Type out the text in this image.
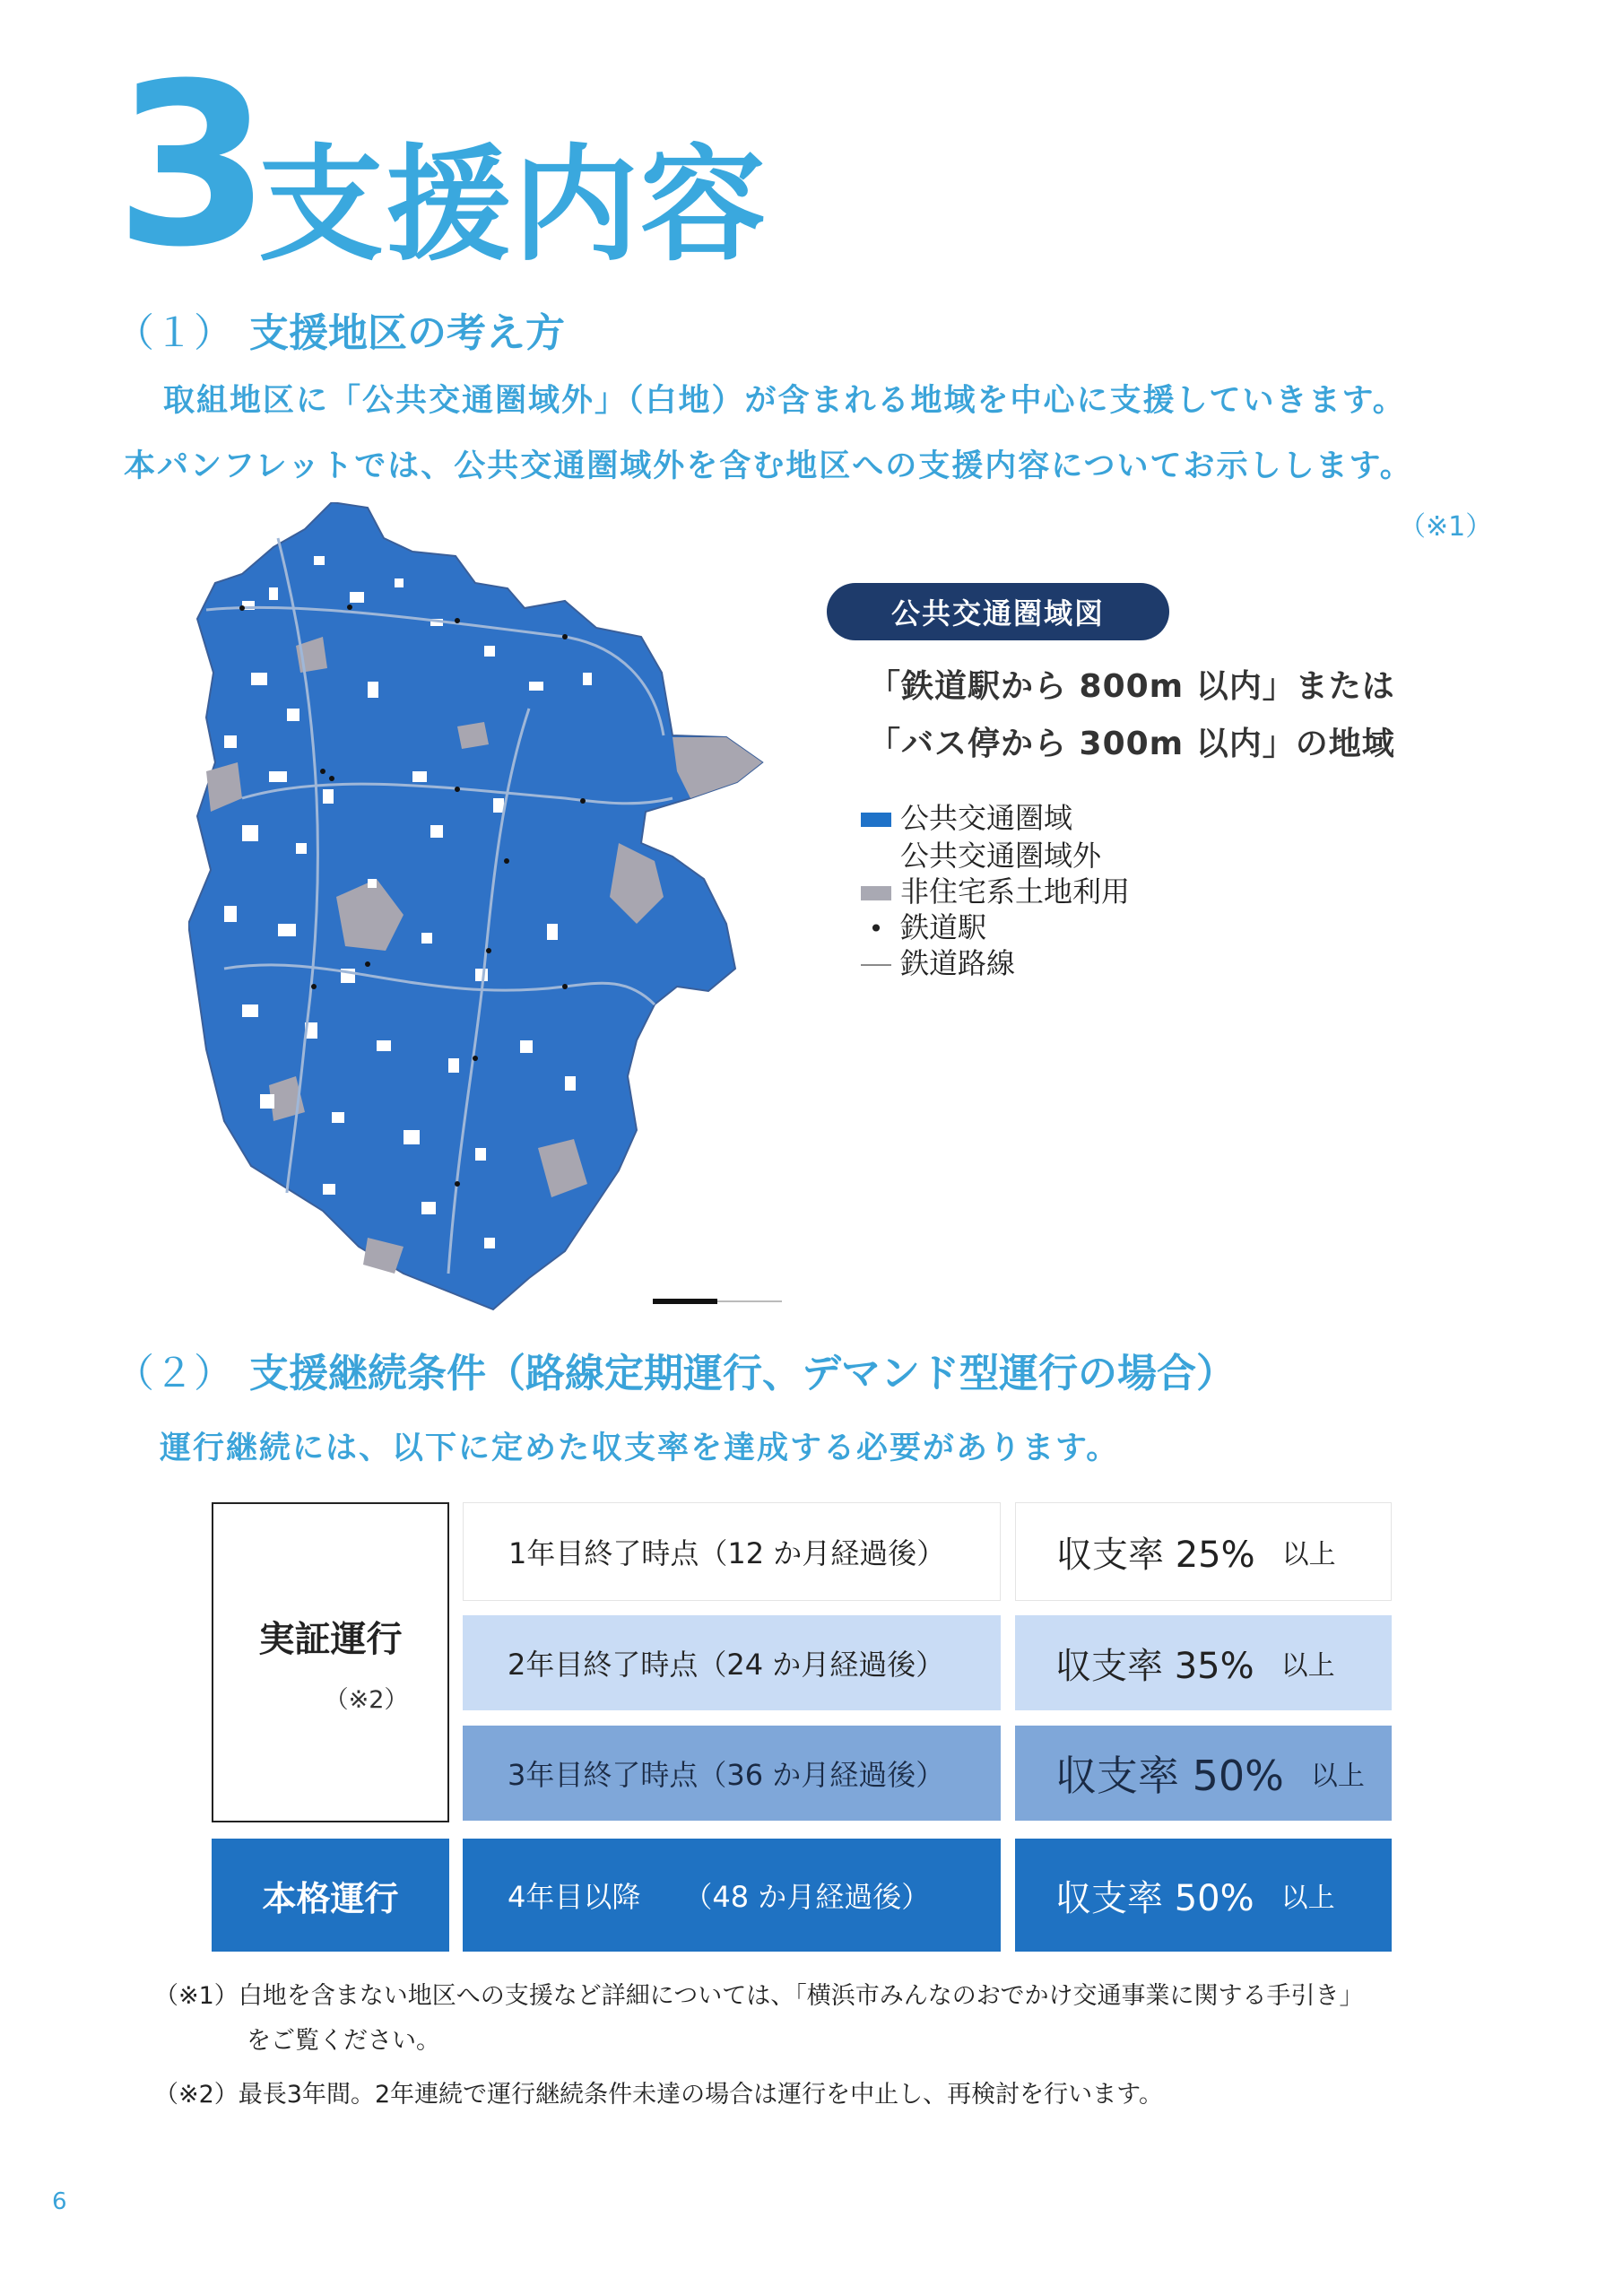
3
支援内容
（１） 支援地区の考え方
取組地区に「公共交通圏域外」（白地）が含まれる地域を中心に支援していきます。
本パンフレットでは、公共交通圏域外を含む地区への支援内容についてお示しします。
（※1）
公共交通圏域図
「鉄道駅から 800m 以内」または
「バス停から 300m 以内」の地域
公共交通圏域
公共交通圏域外
非住宅系土地利用
• 鉄道駅
鉄道路線
（２） 支援継続条件（路線定期運行、デマンド型運行の場合）
運行継続には、以下に定めた収支率を達成する必要があります。
実証運行
（※2）
1年目終了時点（12 か月経過後）	収支率 25% 以上
2年目終了時点（24 か月経過後）	収支率 35% 以上
3年目終了時点（36 か月経過後）	収支率 50% 以上
本格運行	4年目以降　　（48 か月経過後）	収支率 50% 以上
（※1）白地を含まない地区への支援など詳細については、「横浜市みんなのおでかけ交通事業に関する手引き」
をご覧ください。
（※2）最長3年間。2年連続で運行継続条件未達の場合は運行を中止し、再検討を行います。
6
